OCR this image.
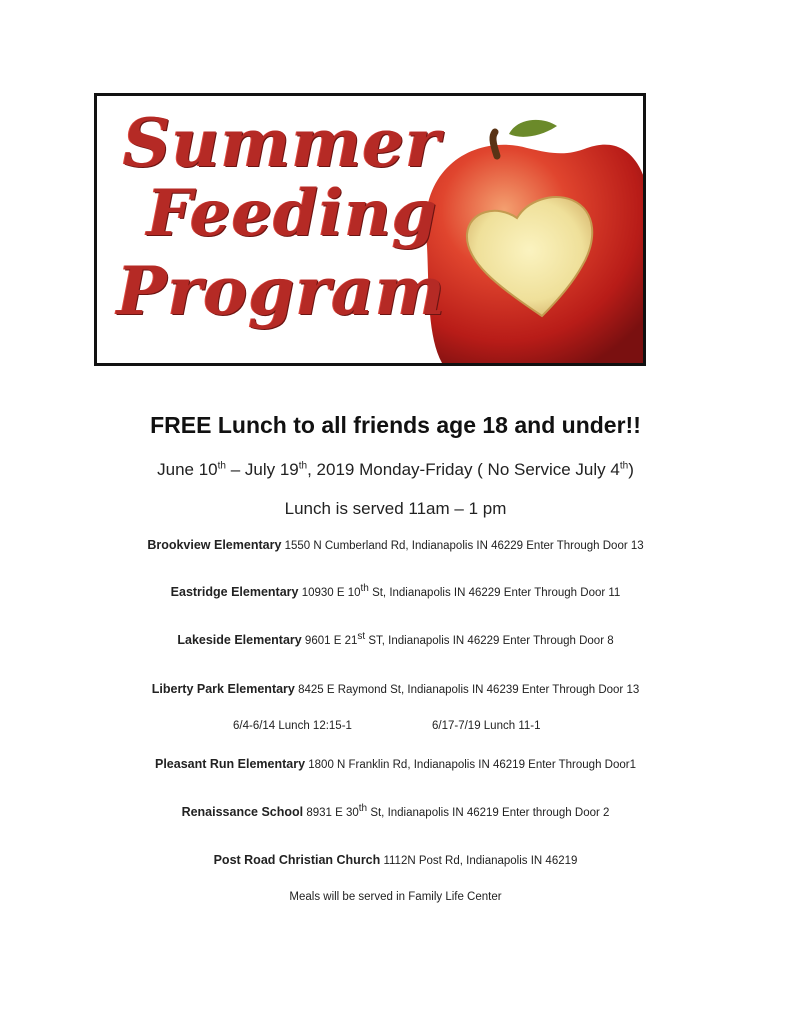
Summer
Feeding
Program
FREE Lunch to all friends age 18 and under!!
June 10th – July 19th, 2019 Monday-Friday ( No Service July 4th)
Lunch is served 11am – 1 pm
Brookview Elementary 1550 N Cumberland Rd, Indianapolis IN 46229 Enter Through Door 13
Eastridge Elementary 10930 E 10th St, Indianapolis IN 46229 Enter Through Door 11
Lakeside Elementary 9601 E 21st ST, Indianapolis IN 46229 Enter Through Door 8
Liberty Park Elementary 8425 E Raymond St, Indianapolis IN 46239 Enter Through Door 13
6/4-6/14 Lunch 12:15-1	6/17-7/19 Lunch 11-1
Pleasant Run Elementary 1800 N Franklin Rd, Indianapolis IN 46219 Enter Through Door1
Renaissance School 8931 E 30th St, Indianapolis IN 46219 Enter through Door 2
Post Road Christian Church 1112N Post Rd, Indianapolis IN 46219
Meals will be served in Family Life Center
